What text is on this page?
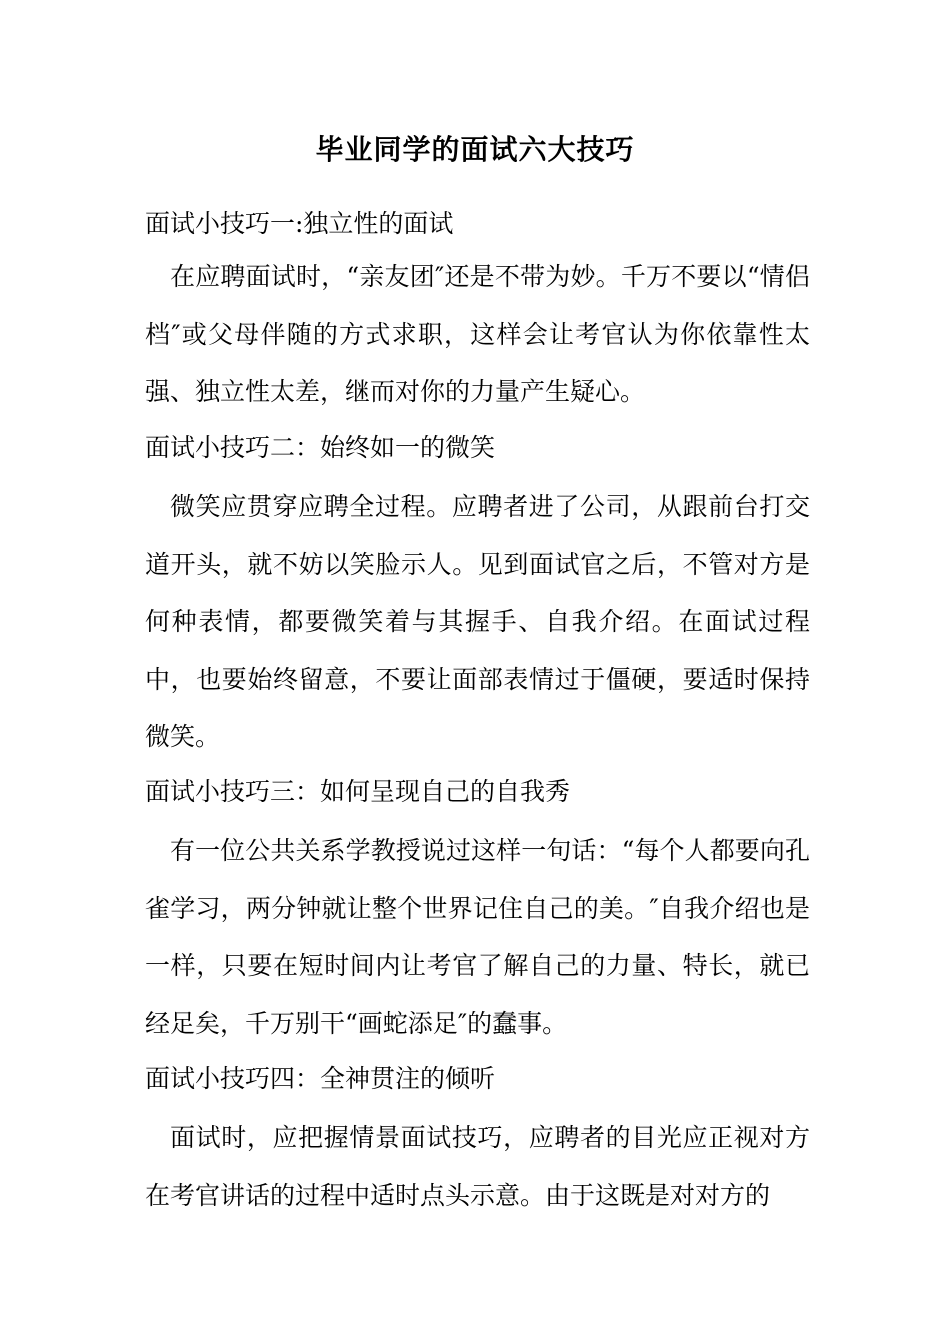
毕业同学的面试六大技巧
面试小技巧一:独立性的面试

在应聘面试时，“亲友团″还是不带为妙。千万不要以“情侣档″或父母伴随的方式求职，这样会让考官认为你依靠性太强、独立性太差，继而对你的力量产生疑心。

面试小技巧二：始终如一的微笑

微笑应贯穿应聘全过程。应聘者进了公司，从跟前台打交道开头，就不妨以笑脸示人。见到面试官之后，不管对方是何种表情，都要微笑着与其握手、自我介绍。在面试过程中，也要始终留意，不要让面部表情过于僵硬，要适时保持微笑。

面试小技巧三：如何呈现自己的自我秀

有一位公共关系学教授说过这样一句话：“每个人都要向孔雀学习，两分钟就让整个世界记住自己的美。″自我介绍也是一样，只要在短时间内让考官了解自己的力量、特长，就已经足矣，千万别干“画蛇添足″的蠢事。

面试小技巧四：全神贯注的倾听

面试时，应把握情景面试技巧，应聘者的目光应正视对方在考官讲话的过程中适时点头示意。由于这既是对对方的
